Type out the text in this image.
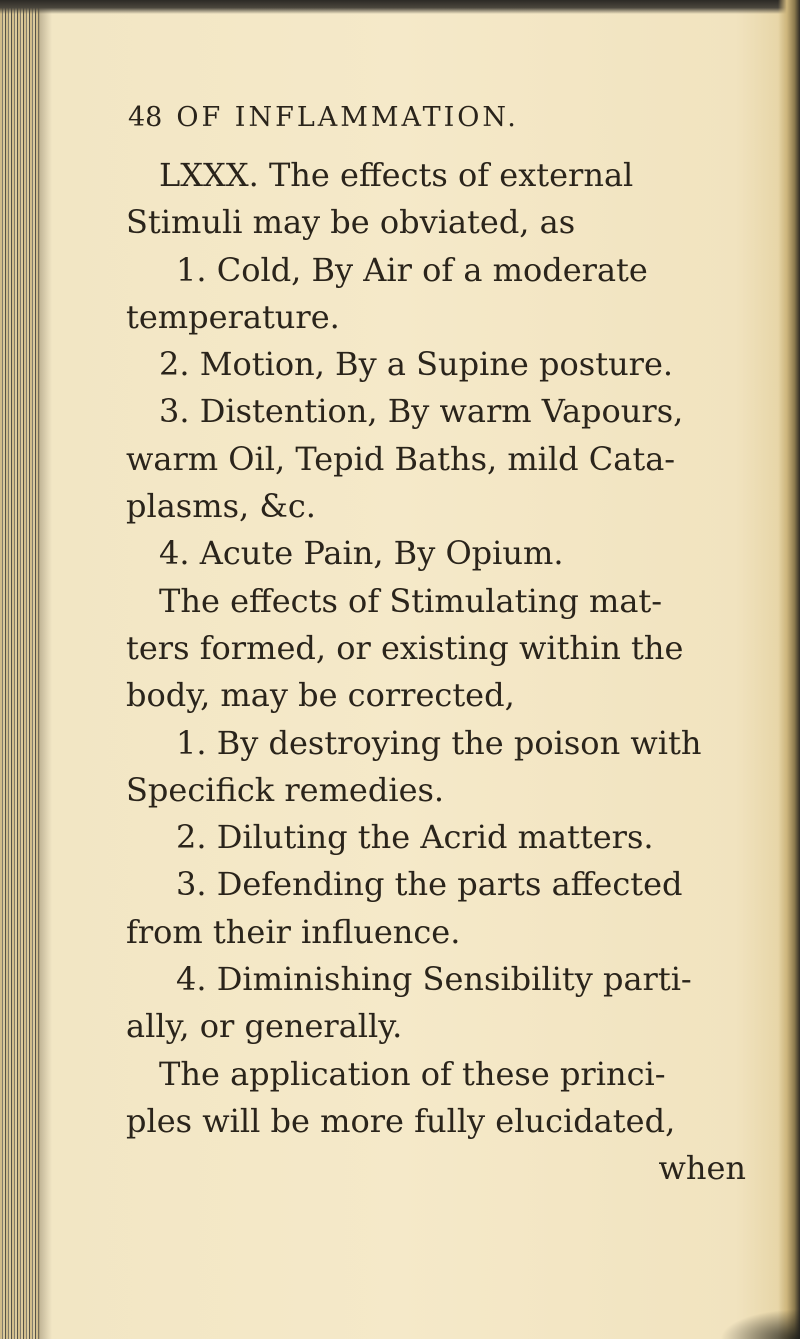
48 OF INFLAMMATION.
LXXX. The effects of external
Stimuli may be obviated, as
1. Cold, By Air of a moderate
temperature.
2. Motion, By a Supine posture.
3. Distention, By warm Vapours,
warm Oil, Tepid Baths, mild Cata-
plasms, &c.
4. Acute Pain, By Opium.
The effects of Stimulating mat-
ters formed, or existing within the
body, may be corrected,
1. By destroying the poison with
Specifick remedies.
2. Diluting the Acrid matters.
3. Defending the parts affected
from their influence.
4. Diminishing Sensibility parti-
ally, or generally.
The application of these princi-
ples will be more fully elucidated,
when
